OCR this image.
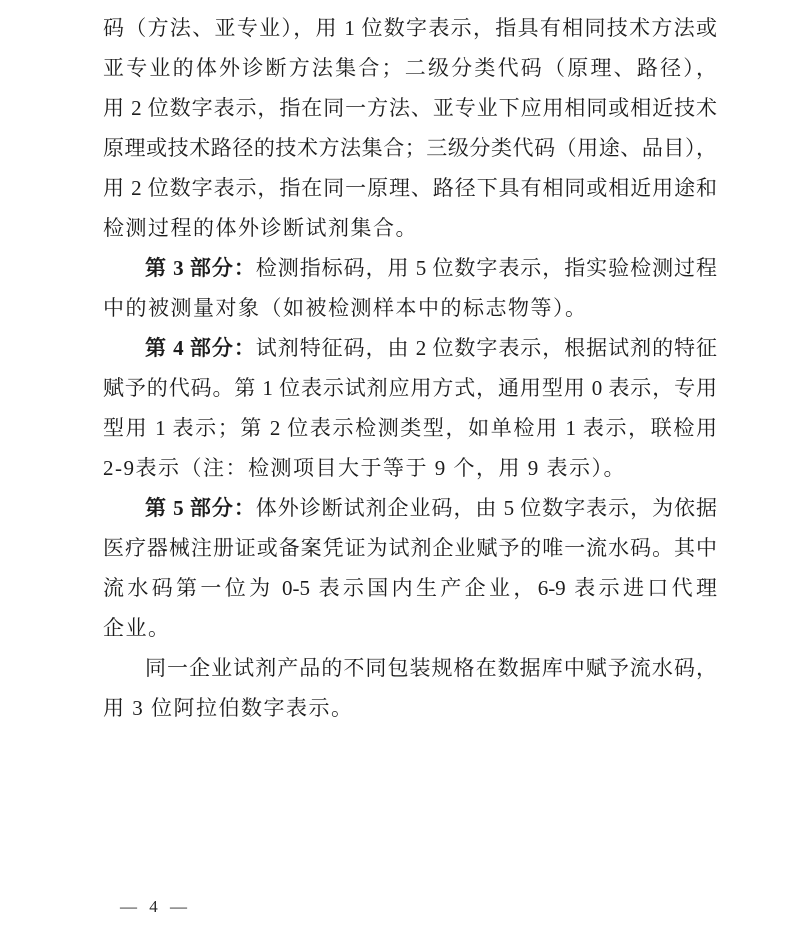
码（方法、亚专业），用 1 位数字表示，指具有相同技术方法或
亚专业的体外诊断方法集合；二级分类代码（原理、路径），
用 2 位数字表示，指在同一方法、亚专业下应用相同或相近技术
原理或技术路径的技术方法集合；三级分类代码（用途、品目），
用 2 位数字表示，指在同一原理、路径下具有相同或相近用途和
检测过程的体外诊断试剂集合。
第 3 部分：检测指标码，用 5 位数字表示，指实验检测过程
中的被测量对象（如被检测样本中的标志物等）。
第 4 部分：试剂特征码，由 2 位数字表示，根据试剂的特征
赋予的代码。第 1 位表示试剂应用方式，通用型用 0 表示，专用
型用 1 表示；第 2 位表示检测类型，如单检用 1 表示，联检用
2-9表示（注：检测项目大于等于 9 个，用 9 表示）。
第 5 部分：体外诊断试剂企业码，由 5 位数字表示，为依据
医疗器械注册证或备案凭证为试剂企业赋予的唯一流水码。其中
流水码第一位为 0-5 表示国内生产企业，6-9 表示进口代理
企业。
同一企业试剂产品的不同包装规格在数据库中赋予流水码，
用 3 位阿拉伯数字表示。
— 4 —
